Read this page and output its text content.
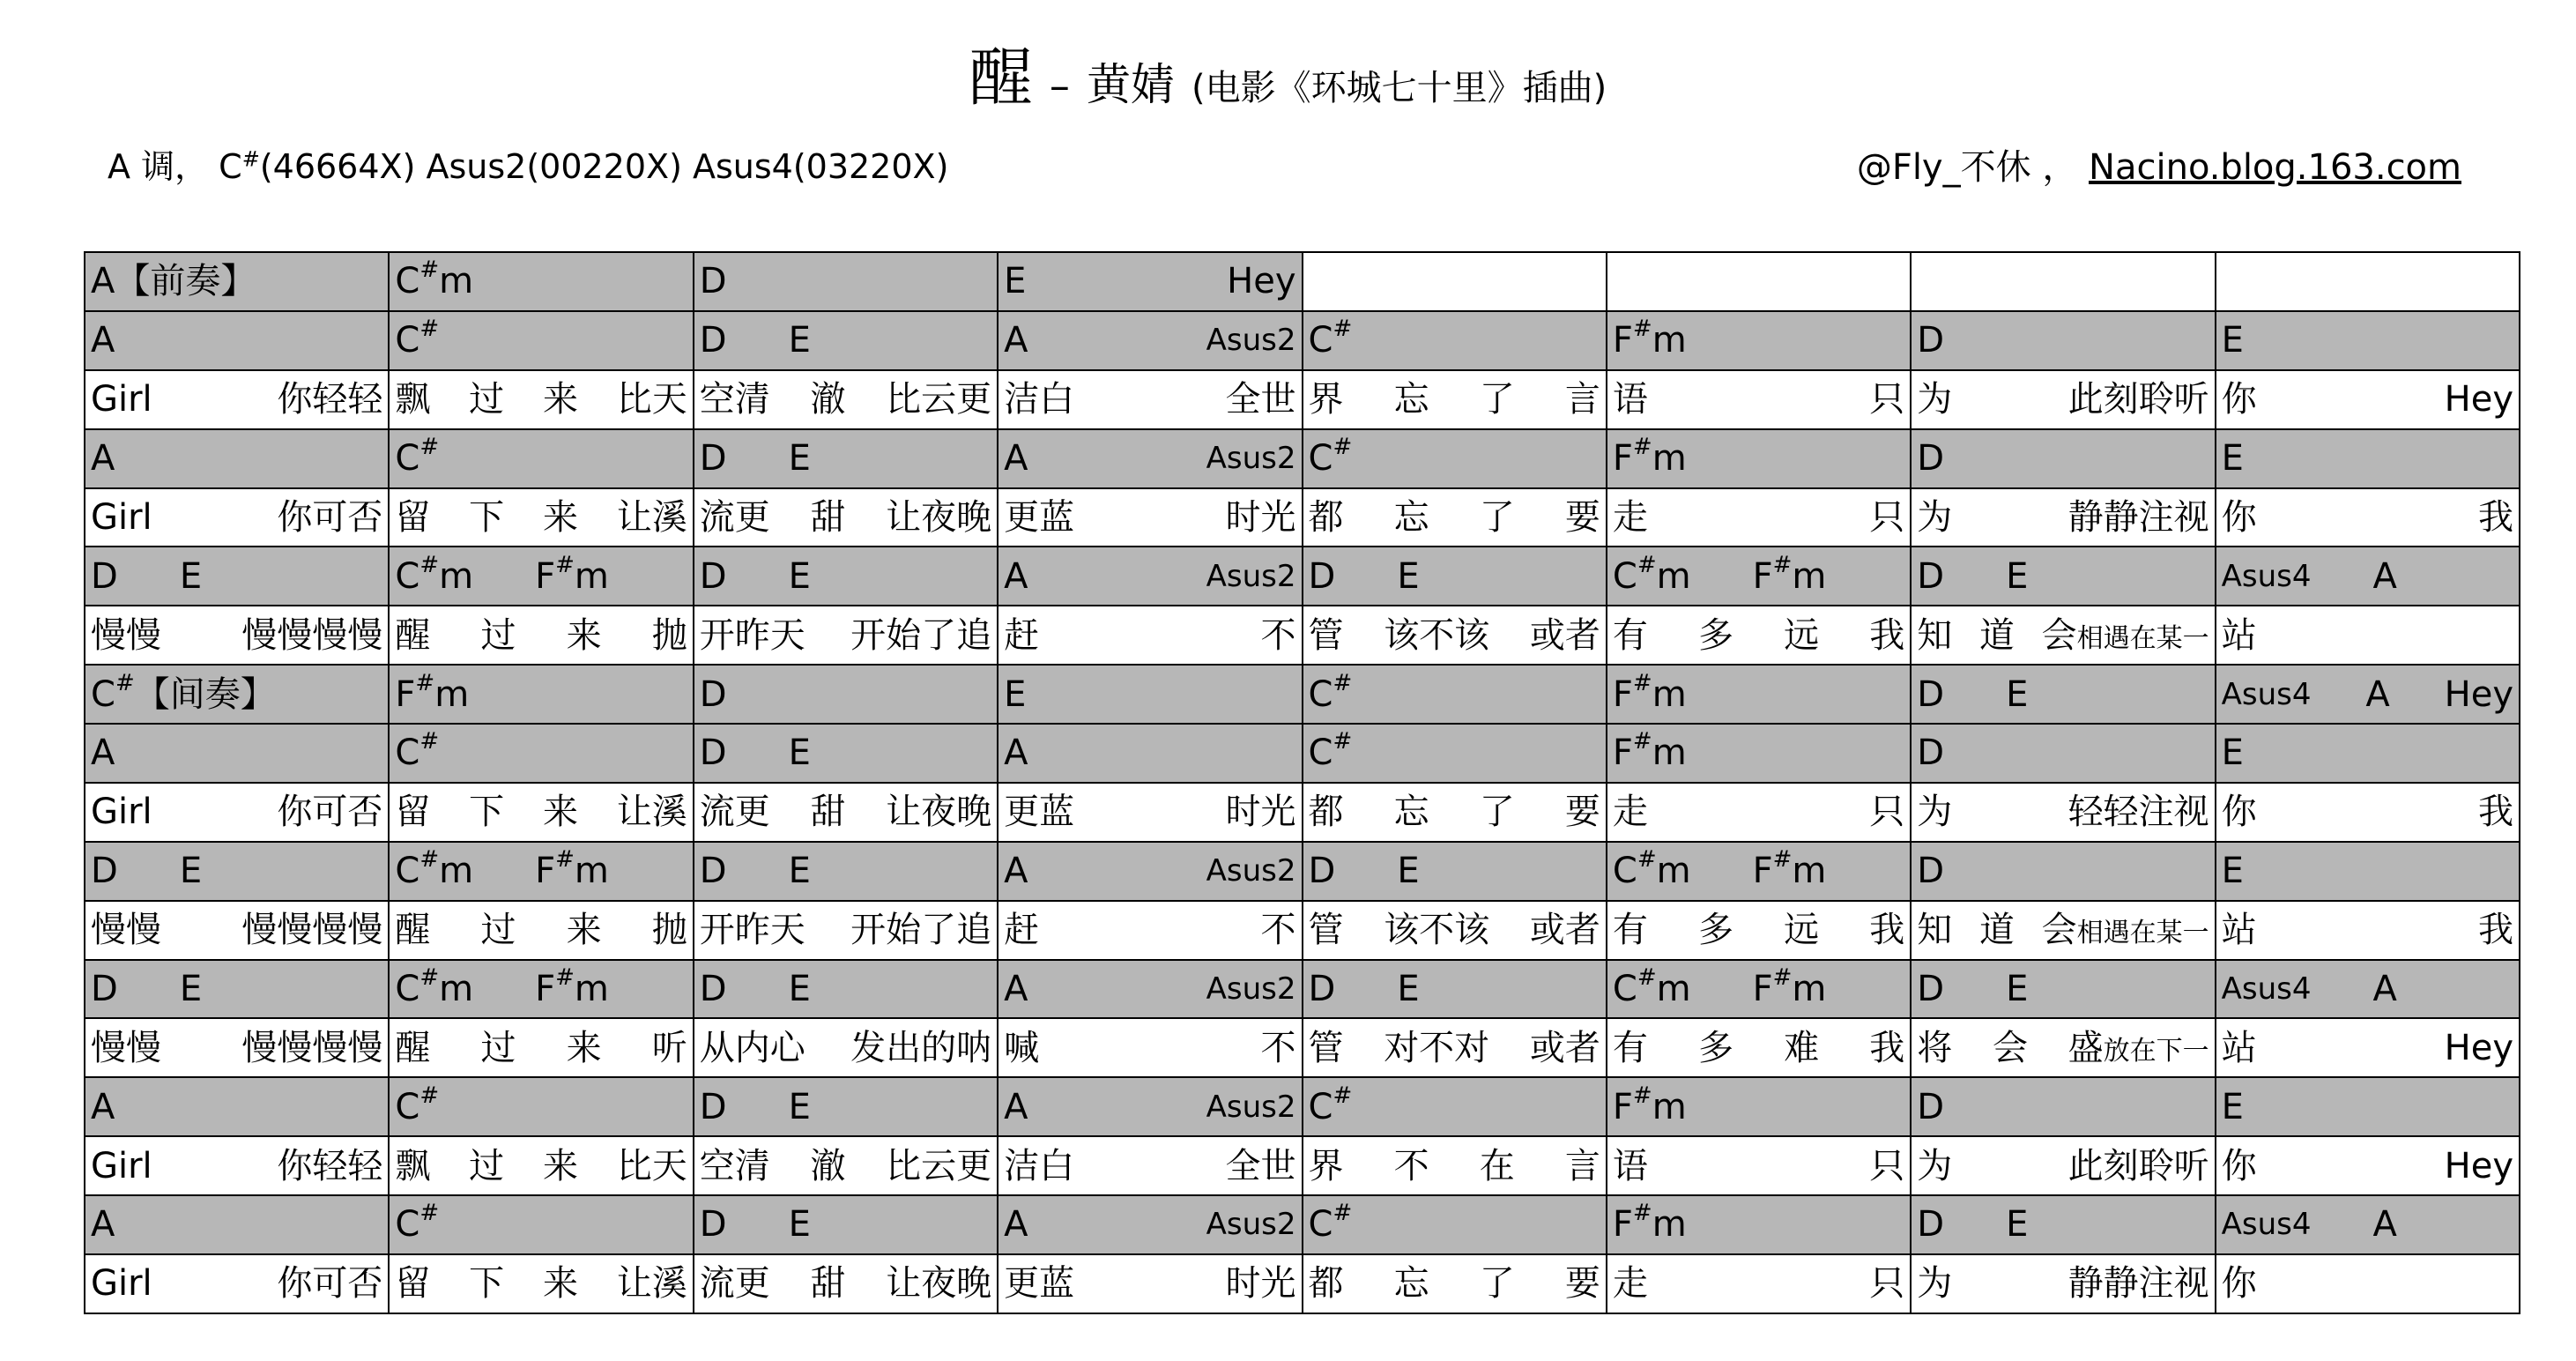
醒 – 黄婧 (电影《环城七十里》插曲)
A 调， C#(46664X) Asus2(00220X) Asus4(03220X)	@Fly_不休 ， Nacino.blog.163.com
A【前奏】	C#m	D	E Hey				

A	C#	D E	A Asus2	C#	F#m	D	E

Girl 你轻轻	飘 过 来 比天	空清 澈 比云更	洁白 全世	界 忘 了 言	语 只	为 此刻聆听	你 Hey

A	C#	D E	A Asus2	C#	F#m	D	E

Girl 你可否	留 下 来 让溪	流更 甜 让夜晚	更蓝 时光	都 忘 了 要	走 只	为 静静注视	你 我

D E	C#m F#m	D E	A Asus2	D E	C#m F#m	D E	Asus4 A

慢慢 慢慢慢慢	醒 过 来 抛	开昨天 开始了追	赶 不	管 该不该 或者	有 多 远 我	知 道 会相遇在某一	站

C#【间奏】	F#m	D	E	C#	F#m	D E	Asus4 A Hey

A	C#	D E	A	C#	F#m	D	E

Girl 你可否	留 下 来 让溪	流更 甜 让夜晚	更蓝 时光	都 忘 了 要	走 只	为 轻轻注视	你 我

D E	C#m F#m	D E	A Asus2	D E	C#m F#m	D	E

慢慢 慢慢慢慢	醒 过 来 抛	开昨天 开始了追	赶 不	管 该不该 或者	有 多 远 我	知 道 会相遇在某一	站 我

D E	C#m F#m	D E	A Asus2	D E	C#m F#m	D E	Asus4 A

慢慢 慢慢慢慢	醒 过 来 听	从内心 发出的呐	喊 不	管 对不对 或者	有 多 难 我	将 会 盛放在下一	站 Hey

A	C#	D E	A Asus2	C#	F#m	D	E

Girl 你轻轻	飘 过 来 比天	空清 澈 比云更	洁白 全世	界 不 在 言	语 只	为 此刻聆听	你 Hey

A	C#	D E	A Asus2	C#	F#m	D E	Asus4 A

Girl 你可否	留 下 来 让溪	流更 甜 让夜晚	更蓝 时光	都 忘 了 要	走 只	为 静静注视	你
